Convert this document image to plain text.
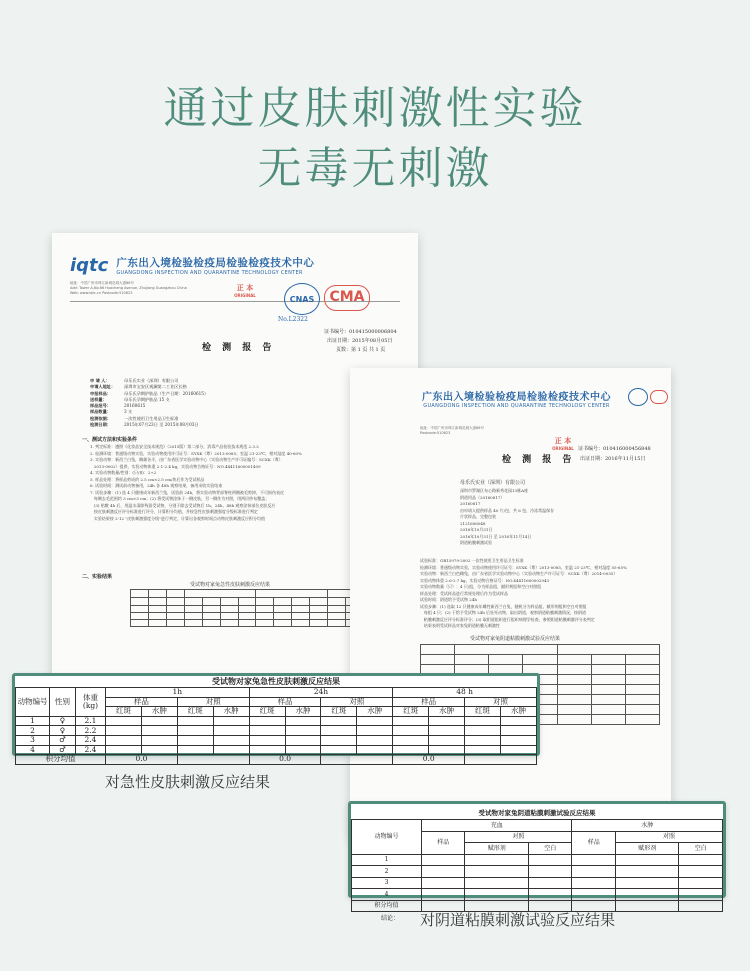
通过皮肤刺激性实验
无毒无刺激
iqtc 广东出入境检验检疫局检验检疫技术中心
GUANGDONG INSPECTION AND QUARANTINE TECHNOLOGY CENTER
地址：中国广州市珠江新城花城大道66号
Add: Tower A,No.66 Huacheng Avenue, Zhujiang Guangzhou China
Web: www.iqtc.cn Postcode:510623
正 本
ORIGINAL	CNAS
No.L2322
CMA
证书编号：010415000006804
出证日期：2015年08月05日
页数：第 1 页 共 1 页
检 测 报 告
申 请 人：	母乐氏实业（深圳）有限公司
申请人地址：	深圳市宝安区观澜第二工业区长格
申报样品：	母乐氏孕期护肤品（生产日期：20160615）
送样量：	母乐氏孕期护肤品 15 支
样品批号：	20160615
样品数量：	3 支
检测依据：	一次性使用卫生用品卫生标准
检测日期：	2015年07月23日 至 2015年08月03日
一、测试方法和实验条件
1. 判定标准：遵照《化妆品安全技术规范》（2015版）第二部分，消毒产品检验技术规范 2.3.3
2. 检测环境：普通级动物实验，实验动物使用许可证号：SYXK（粤）2013-0085；室温 21-23℃，相对湿度 40-60%
3. 实验动物：新西兰白兔，雌雄各半，由广东省医学实验动物中心（实验动物生产许可证编号：SCXK（粤）
2013-0002）提供，实验动物体重 2.1-2.4 kg，实验动物合格证号：NO.44411600001409
4. 实验动物数量/性别：(只/♀)：2+2
5. 样品处理：将样品剪成约 2.5 cm×2.5 cm/块后作为受试样品
6. 试验时间：测试前动物备用，24h 各 48h 观察结果，备用采收实验结束
7. 试验步骤：(1) 选 4 只健康成年新西兰兔，试验前 24h，将实验动物背部脊柱两侧被毛剪掉，不可损伤表皮
每侧去毛范围约 3 cm×3 cm；(2) 将受试物涂抹于一侧皮肤，另一侧作为对照，用两层纱布覆盖；
(3) 贴敷 4h 后，用温水清除残留受试物，分别于除去受试物后 1h、24h、48h 观察涂抹部位皮肤反应
按皮肤刺激反应评分标准进行评分，计算积分均值，并按急性皮肤刺激强度分级标准进行判定
实验结果按 2-12 "皮肤刺激强度分级"进行判定，计算出各观察时间点动物皮肤刺激反应积分均值
二、实验结果
受试物对家兔急性皮肤刺激反应结果

广东出入境检验检疫局检验检疫技术中心
GUANGDONG INSPECTION AND QUARANTINE TECHNOLOGY CENTER
地址：中国广州市珠江新城花城大道66号
Postcode:510623
正 本
ORIGINAL 证书编号：010416000456848
出证日期：2016年11月15日
检 测 报 告
母乐氏实业（深圳）有限公司
深圳市罗湖区布心路新秀花园13栋A座
阴道用品（20160817）
20160817
由申请人提供样品 40 片/包，共 6 包，冷冻常温保存
片状样品，完整包装
2121606048
2016年10月31日
2016年10月31日 至 2016年11月14日
阴道粘膜刺激试验
试验标准：GB15979-2002 一次性使用卫生用品卫生标准
检测环境：普通级动物实验，实验动物使用许可证号：SYXK（粤）2013-0085，室温 21-23℃，相对湿度 55-65%
实验动物：新西兰白色雌兔，由广东省医学实验动物中心（实验动物生产许可证号：SCXK（粤）2014-0035）
实验动物体重 2.6-2.7 kg，实验动物合格证号：NO.44411600002943
实验动物数量（只）：4 只/组，分为样品组，赋形剂组和空白对照组
样品处理：受试样品进行常规处理后作为受试样品
试验时间：阴道给予受试物 24h
试验步骤：(1) 选取 12 只健康成年雌性新西兰白兔，随机分为样品组、赋形剂组和空白对照组
每组 4 只；(2) 于给予受试物 24h 后处死动物，取出阴道，观察阴道粘膜刺激情况，按阴道
粘膜刺激反应评分标准评分；(3) 取阴道组织进行组织病理学检查，参照阴道粘膜刺激评分表判定
结果表明受试样品对家兔阴道粘膜无刺激性
受试物对家兔阴道粘膜刺激试验反应结果

受试物对家兔急性皮肤刺激反应结果
动物编号	性别	体重(kg)	1h				24h				48 h			
			样品		对照		样品		对照		样品		对照	
			红斑	水肿	红斑	水肿	红斑	水肿	红斑	水肿	红斑	水肿	红斑	水肿
1	♀	2.1												
2	♀	2.2												
3	♂	2.4												
4	♂	2.4												
积分均值			0.0				0.0				0.0			
受试物对家兔阴道粘膜刺激试验反应结果
动物编号	充血			水肿		
	样品	对照		样品	对照	
		赋形剂	空白		赋形剂	空白
1						
2						
3						
4						
积分均值						
结论：
对急性皮肤刺激反应结果
对阴道粘膜刺激试验反应结果
